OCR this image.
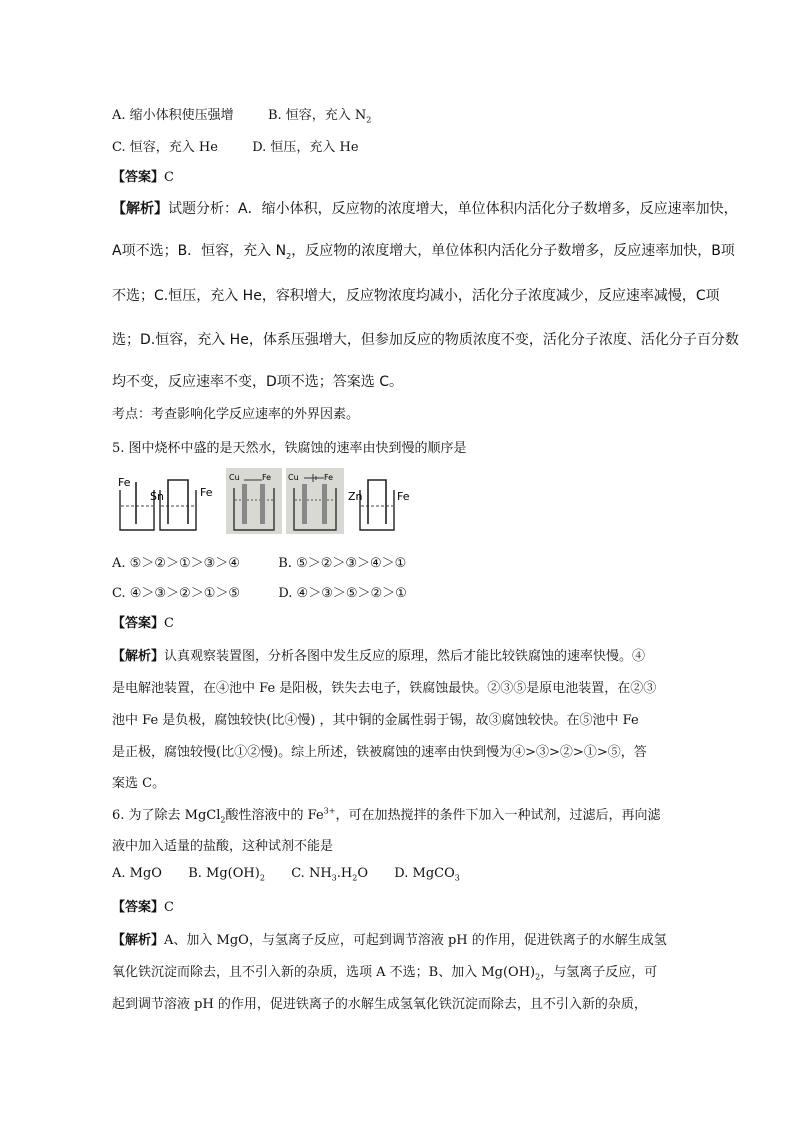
A. 缩小体积使压强增	B. 恒容，充入 $N_2$
C. 恒容，充入 He	D. 恒压，充入 He
【答案】C
【解析】试题分析：A．缩小体积，反应物的浓度增大，单位体积内活化分子数增多，反应速率加快，
A项不选；B．恒容，充入 $N_2$，反应物的浓度增大，单位体积内活化分子数增多，反应速率加快，B项
不选；C.恒压，充入 He，容积增大，反应物浓度均减小，活化分子浓度减少，反应速率减慢，C项
选；D.恒容，充入 He，体系压强增大，但参加反应的物质浓度不变，活化分子浓度、活化分子百分数
均不变，反应速率不变，D项不选；答案选 C。
考点：考查影响化学反应速率的外界因素。
5. 图中烧杯中盛的是天然水，铁腐蚀的速率由快到慢的顺序是
Fe
Sn	Fe
Cu	Fe Cu	Fe
Zn	Fe
A. ⑤＞②＞①＞③＞④	B. ⑤＞②＞③＞④＞①
C. ④＞③＞②＞①＞⑤	D. ④＞③＞⑤＞②＞①
【答案】C
【解析】认真观察装置图，分析各图中发生反应的原理，然后才能比较铁腐蚀的速率快慢。④
是电解池装置，在④池中 Fe 是阳极，铁失去电子，铁腐蚀最快。②③⑤是原电池装置，在②③
池中 Fe 是负极，腐蚀较快(比④慢) ，其中铜的金属性弱于锡，故③腐蚀较快。在⑤池中 Fe
是正极，腐蚀较慢(比①②慢)。综上所述，铁被腐蚀的速率由快到慢为④>③>②>①>⑤，答
案选 C。
6. 为了除去 MgCl$_2$酸性溶液中的 $Fe^{3+}$，可在加热搅拌的条件下加入一种试剂，过滤后，再向滤
液中加入适量的盐酸，这种试剂不能是
A. MgO B. $Mg(OH)_2$ C. $NH_3.H_2O$ D. MgCO$_3$
【答案】C
【解析】A、加入 MgO，与氢离子反应，可起到调节溶液 pH 的作用，促进铁离子的水解生成氢
氧化铁沉淀而除去，且不引入新的杂质，选项 A 不选；B、加入 $Mg(OH)_2$，与氢离子反应，可
起到调节溶液 pH 的作用，促进铁离子的水解生成氢氧化铁沉淀而除去，且不引入新的杂质，
